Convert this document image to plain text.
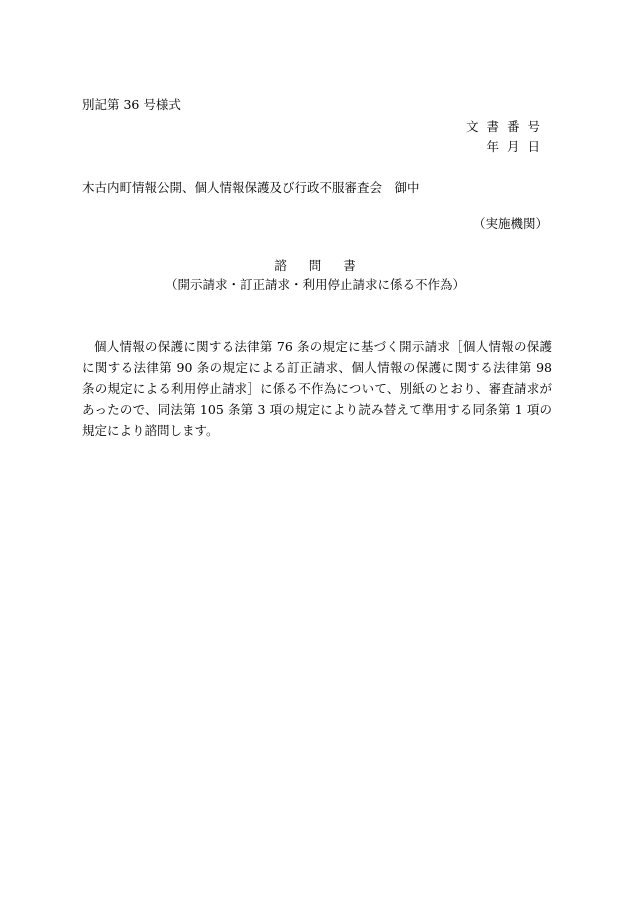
別記第 36 号様式
文書番号
年月日
木古内町情報公開、個人情報保護及び行政不服審査会　御中
（実施機関）
諮問書
（開示請求・訂正請求・利用停止請求に係る不作為）
個人情報の保護に関する法律第 76 条の規定に基づく開示請求［個人情報の保護に関する法律第 90 条の規定による訂正請求、個人情報の保護に関する法律第 98 条の規定による利用停止請求］に係る不作為について、別紙のとおり、審査請求があったので、同法第 105 条第 3 項の規定により読み替えて準用する同条第 1 項の規定により諮問します。
